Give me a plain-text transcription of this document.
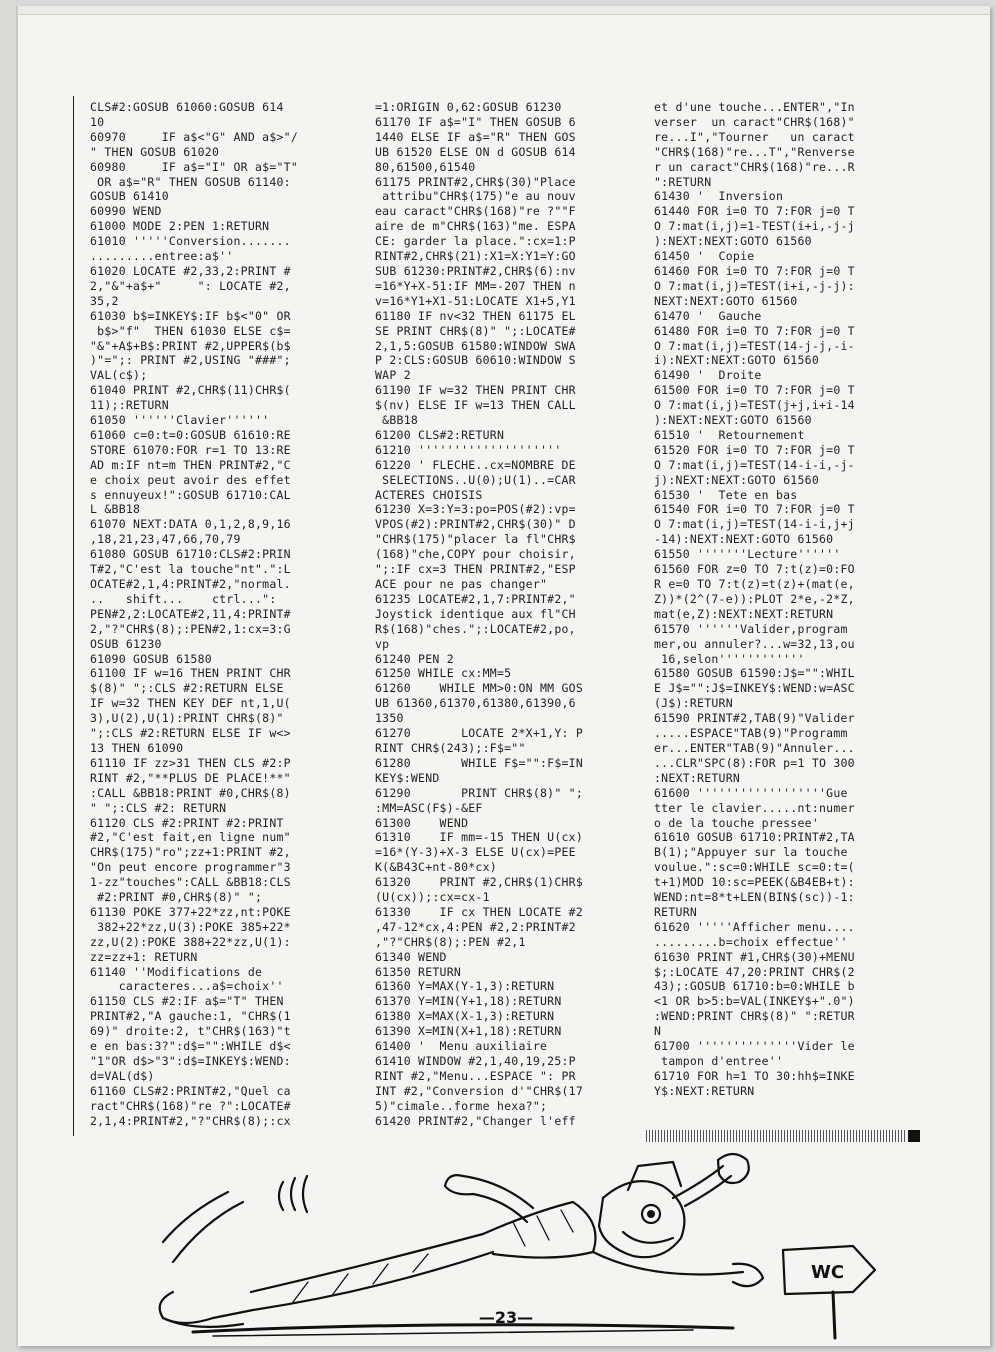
CLS#2:GOSUB 61060:GOSUB 614
10
60970     IF a$<"G" AND a$>"/
" THEN GOSUB 61020
60980     IF a$="I" OR a$="T"
OR a$="R" THEN GOSUB 61140:
GOSUB 61410
60990 WEND
61000 MODE 2:PEN 1:RETURN
61010 '''''Conversion.......
.........entree:a$''
61020 LOCATE #2,33,2:PRINT #
2,"&"+a$+"     ": LOCATE #2,
35,2
61030 b$=INKEY$:IF b$<"0" OR
b$>"f"  THEN 61030 ELSE c$=
"&"+A$+B$:PRINT #2,UPPER$(b$
)"=";: PRINT #2,USING "###";
VAL(c$);
61040 PRINT #2,CHR$(11)CHR$(
11);:RETURN
61050 ''''''Clavier''''''
61060 c=0:t=0:GOSUB 61610:RE
STORE 61070:FOR r=1 TO 13:RE
AD m:IF nt=m THEN PRINT#2,"C
e choix peut avoir des effet
s ennuyeux!":GOSUB 61710:CAL
L &BB18
61070 NEXT:DATA 0,1,2,8,9,16
,18,21,23,47,66,70,79
61080 GOSUB 61710:CLS#2:PRIN
T#2,"C'est la touche"nt".":L
OCATE#2,1,4:PRINT#2,"normal.
..   shift...    ctrl...":
PEN#2,2:LOCATE#2,11,4:PRINT#
2,"?"CHR$(8);:PEN#2,1:cx=3:G
OSUB 61230
61090 GOSUB 61580
61100 IF w=16 THEN PRINT CHR
$(8)" ";:CLS #2:RETURN ELSE
IF w=32 THEN KEY DEF nt,1,U(
3),U(2),U(1):PRINT CHR$(8)"
";:CLS #2:RETURN ELSE IF w<>
13 THEN 61090
61110 IF zz>31 THEN CLS #2:P
RINT #2,"**PLUS DE PLACE!**"
:CALL &BB18:PRINT #0,CHR$(8)
" ";:CLS #2: RETURN
61120 CLS #2:PRINT #2:PRINT
#2,"C'est fait,en ligne num"
CHR$(175)"ro";zz+1:PRINT #2,
"On peut encore programmer"3
1-zz"touches":CALL &BB18:CLS
#2:PRINT #0,CHR$(8)" ";
61130 POKE 377+22*zz,nt:POKE
382+22*zz,U(3):POKE 385+22*
zz,U(2):POKE 388+22*zz,U(1):
zz=zz+1: RETURN
61140 ''Modifications de
caracteres...a$=choix''
61150 CLS #2:IF a$="T" THEN
PRINT#2,"A gauche:1, "CHR$(1
69)" droite:2, t"CHR$(163)"t
e en bas:3?":d$="":WHILE d$<
"1"OR d$>"3":d$=INKEY$:WEND:
d=VAL(d$)
61160 CLS#2:PRINT#2,"Quel ca
ract"CHR$(168)"re ?":LOCATE#
2,1,4:PRINT#2,"?"CHR$(8);:cx
=1:ORIGIN 0,62:GOSUB 61230
61170 IF a$="I" THEN GOSUB 6
1440 ELSE IF a$="R" THEN GOS
UB 61520 ELSE ON d GOSUB 614
80,61500,61540
61175 PRINT#2,CHR$(30)"Place
attribu"CHR$(175)"e au nouv
eau caract"CHR$(168)"re ?""F
aire de m"CHR$(163)"me. ESPA
CE: garder la place.":cx=1:P
RINT#2,CHR$(21):X1=X:Y1=Y:GO
SUB 61230:PRINT#2,CHR$(6):nv
=16*Y+X-51:IF MM=-207 THEN n
v=16*Y1+X1-51:LOCATE X1+5,Y1
61180 IF nv<32 THEN 61175 EL
SE PRINT CHR$(8)" ";:LOCATE#
2,1,5:GOSUB 61580:WINDOW SWA
P 2:CLS:GOSUB 60610:WINDOW S
WAP 2
61190 IF w=32 THEN PRINT CHR
$(nv) ELSE IF w=13 THEN CALL
&BB18
61200 CLS#2:RETURN
61210 ''''''''''''''''''''
61220 ' FLECHE..cx=NOMBRE DE
SELECTIONS..U(0);U(1)..=CAR
ACTERES CHOISIS
61230 X=3:Y=3:po=POS(#2):vp=
VPOS(#2):PRINT#2,CHR$(30)" D
"CHR$(175)"placer la fl"CHR$
(168)"che,COPY pour choisir,
";:IF cx=3 THEN PRINT#2,"ESP
ACE pour ne pas changer"
61235 LOCATE#2,1,7:PRINT#2,"
Joystick identique aux fl"CH
R$(168)"ches.";:LOCATE#2,po,
vp
61240 PEN 2
61250 WHILE cx:MM=5
61260    WHILE MM>0:ON MM GOS
UB 61360,61370,61380,61390,6
1350
61270       LOCATE 2*X+1,Y: P
RINT CHR$(243);:F$=""
61280       WHILE F$="":F$=IN
KEY$:WEND
61290       PRINT CHR$(8)" ";
:MM=ASC(F$)-&EF
61300    WEND
61310    IF mm=-15 THEN U(cx)
=16*(Y-3)+X-3 ELSE U(cx)=PEE
K(&B43C+nt-80*cx)
61320    PRINT #2,CHR$(1)CHR$
(U(cx));:cx=cx-1
61330    IF cx THEN LOCATE #2
,47-12*cx,4:PEN #2,2:PRINT#2
,"?"CHR$(8);:PEN #2,1
61340 WEND
61350 RETURN
61360 Y=MAX(Y-1,3):RETURN
61370 Y=MIN(Y+1,18):RETURN
61380 X=MAX(X-1,3):RETURN
61390 X=MIN(X+1,18):RETURN
61400 '  Menu auxiliaire
61410 WINDOW #2,1,40,19,25:P
RINT #2,"Menu...ESPACE ": PR
INT #2,"Conversion d'"CHR$(17
5)"cimale..forme hexa?";
61420 PRINT#2,"Changer l'eff
et d'une touche...ENTER","In
verser  un caract"CHR$(168)"
re...I","Tourner   un caract
"CHR$(168)"re...T","Renverse
r un caract"CHR$(168)"re...R
":RETURN
61430 '  Inversion
61440 FOR i=0 TO 7:FOR j=0 T
O 7:mat(i,j)=1-TEST(i+i,-j-j
):NEXT:NEXT:GOTO 61560
61450 '  Copie
61460 FOR i=0 TO 7:FOR j=0 T
O 7:mat(i,j)=TEST(i+i,-j-j):
NEXT:NEXT:GOTO 61560
61470 '  Gauche
61480 FOR i=0 TO 7:FOR j=0 T
O 7:mat(i,j)=TEST(14-j-j,-i-
i):NEXT:NEXT:GOTO 61560
61490 '  Droite
61500 FOR i=0 TO 7:FOR j=0 T
O 7:mat(i,j)=TEST(j+j,i+i-14
):NEXT:NEXT:GOTO 61560
61510 '  Retournement
61520 FOR i=0 TO 7:FOR j=0 T
O 7:mat(i,j)=TEST(14-i-i,-j-
j):NEXT:NEXT:GOTO 61560
61530 '  Tete en bas
61540 FOR i=0 TO 7:FOR j=0 T
O 7:mat(i,j)=TEST(14-i-i,j+j
-14):NEXT:NEXT:GOTO 61560
61550 '''''''Lecture''''''
61560 FOR z=0 TO 7:t(z)=0:FO
R e=0 TO 7:t(z)=t(z)+(mat(e,
Z))*(2^(7-e)):PLOT 2*e,-2*Z,
mat(e,Z):NEXT:NEXT:RETURN
61570 ''''''Valider,program
mer,ou annuler?...w=32,13,ou
16,selon''''''''''''
61580 GOSUB 61590:J$="":WHIL
E J$="":J$=INKEY$:WEND:w=ASC
(J$):RETURN
61590 PRINT#2,TAB(9)"Valider
.....ESPACE"TAB(9)"Programm
er...ENTER"TAB(9)"Annuler...
...CLR"SPC(8):FOR p=1 TO 300
:NEXT:RETURN
61600 ''''''''''''''''''Gue
tter le clavier.....nt:numer
o de la touche pressee'
61610 GOSUB 61710:PRINT#2,TA
B(1);"Appuyer sur la touche
voulue.":sc=0:WHILE sc=0:t=(
t+1)MOD 10:sc=PEEK(&B4EB+t):
WEND:nt=8*t+LEN(BIN$(sc))-1:
RETURN
61620 '''''Afficher menu....
.........b=choix effectue''
61630 PRINT #1,CHR$(30)+MENU
$;:LOCATE 47,20:PRINT CHR$(2
43);:GOSUB 61710:b=0:WHILE b
<1 OR b>5:b=VAL(INKEY$+".0")
:WEND:PRINT CHR$(8)" ":RETUR
N
61700 ''''''''''''''Vider le
tampon d'entree''
61710 FOR h=1 TO 30:hh$=INKE
Y$:NEXT:RETURN
WC
—23—
